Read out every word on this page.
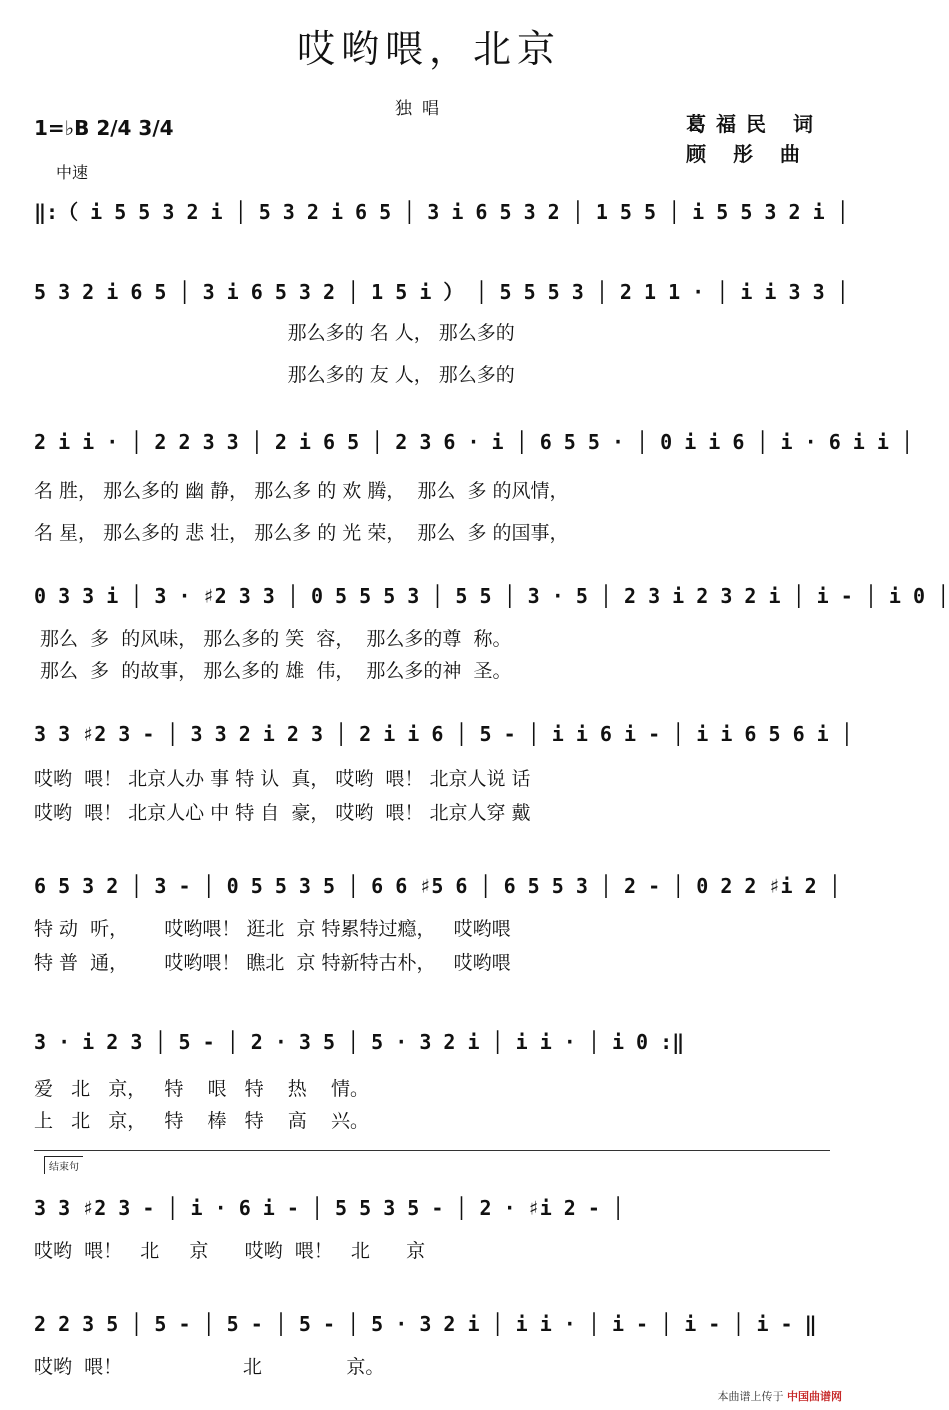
哎哟喂，北京
独唱
葛福民 词
顾 彤 曲
1=♭B 2/4 3/4
中速
‖:（ i 5 5 3 2 i │ 5 3 2 i 6 5 │ 3 i 6 5 3 2 │ 1 5 5 │ i 5 5 3 2 i │
5 3 2 i 6 5 │ 3 i 6 5 3 2 │ 1 5 i ） │ 5 5 5 3 │ 2 1 1 · │ i i 3 3 │
那么多的 名 人， 那么多的
那么多的 友 人， 那么多的
2 i i · │ 2 2 3 3 │ 2 i 6 5 │ 2 3 6 · i │ 6 5 5 · │ 0 i i 6 │ i · 6 i i │
名 胜， 那么多的 幽 静， 那么多 的 欢 腾，  那么  多 的风情，
名 星， 那么多的 悲 壮， 那么多 的 光 荣，  那么  多 的国事，
0 3 3 i │ 3 · ♯2 3 3 │ 0 5 5 5 3 │ 5 5 │ 3 · 5 │ 2 3 i 2 3 2 i │ i - │ i 0 │
那么  多  的风味， 那么多的 笑  容，  那么多的尊  称。
那么  多  的故事， 那么多的 雄  伟，  那么多的神  圣。
3 3 ♯2 3 - │ 3 3 2 i 2 3 │ 2 i i 6 │ 5 - │ i i 6 i - │ i i 6 5 6 i │
哎哟  喂！ 北京人办 事 特 认  真， 哎哟  喂！ 北京人说 话
哎哟  喂！ 北京人心 中 特 自  豪， 哎哟  喂！ 北京人穿 戴
6 5 3 2 │ 3 - │ 0 5 5 3 5 │ 6 6 ♯5 6 │ 6 5 5 3 │ 2 - │ 0 2 2 ♯i 2 │
特 动  听，      哎哟喂！ 逛北  京 特累特过瘾，   哎哟喂
特 普  通，      哎哟喂！ 瞧北  京 特新特古朴，   哎哟喂
3 · i 2 3 │ 5 - │ 2 · 3 5 │ 5 · 3 2 i │ i i · │ i 0 :‖
爱   北   京，   特    哏   特    热    情。
上   北   京，   特    棒   特    高    兴。
结束句
3 3 ♯2 3 - │ i · 6 i - │ 5 5 3 5 - │ 2 · ♯i 2 - │
哎哟  喂！   北     京      哎哟  喂！   北      京
2 2 3 5 │ 5 - │ 5 - │ 5 - │ 5 · 3 2 i │ i i · │ i - │ i - │ i - ‖
哎哟  喂！                    北              京。
本曲谱上传于 中国曲谱网
